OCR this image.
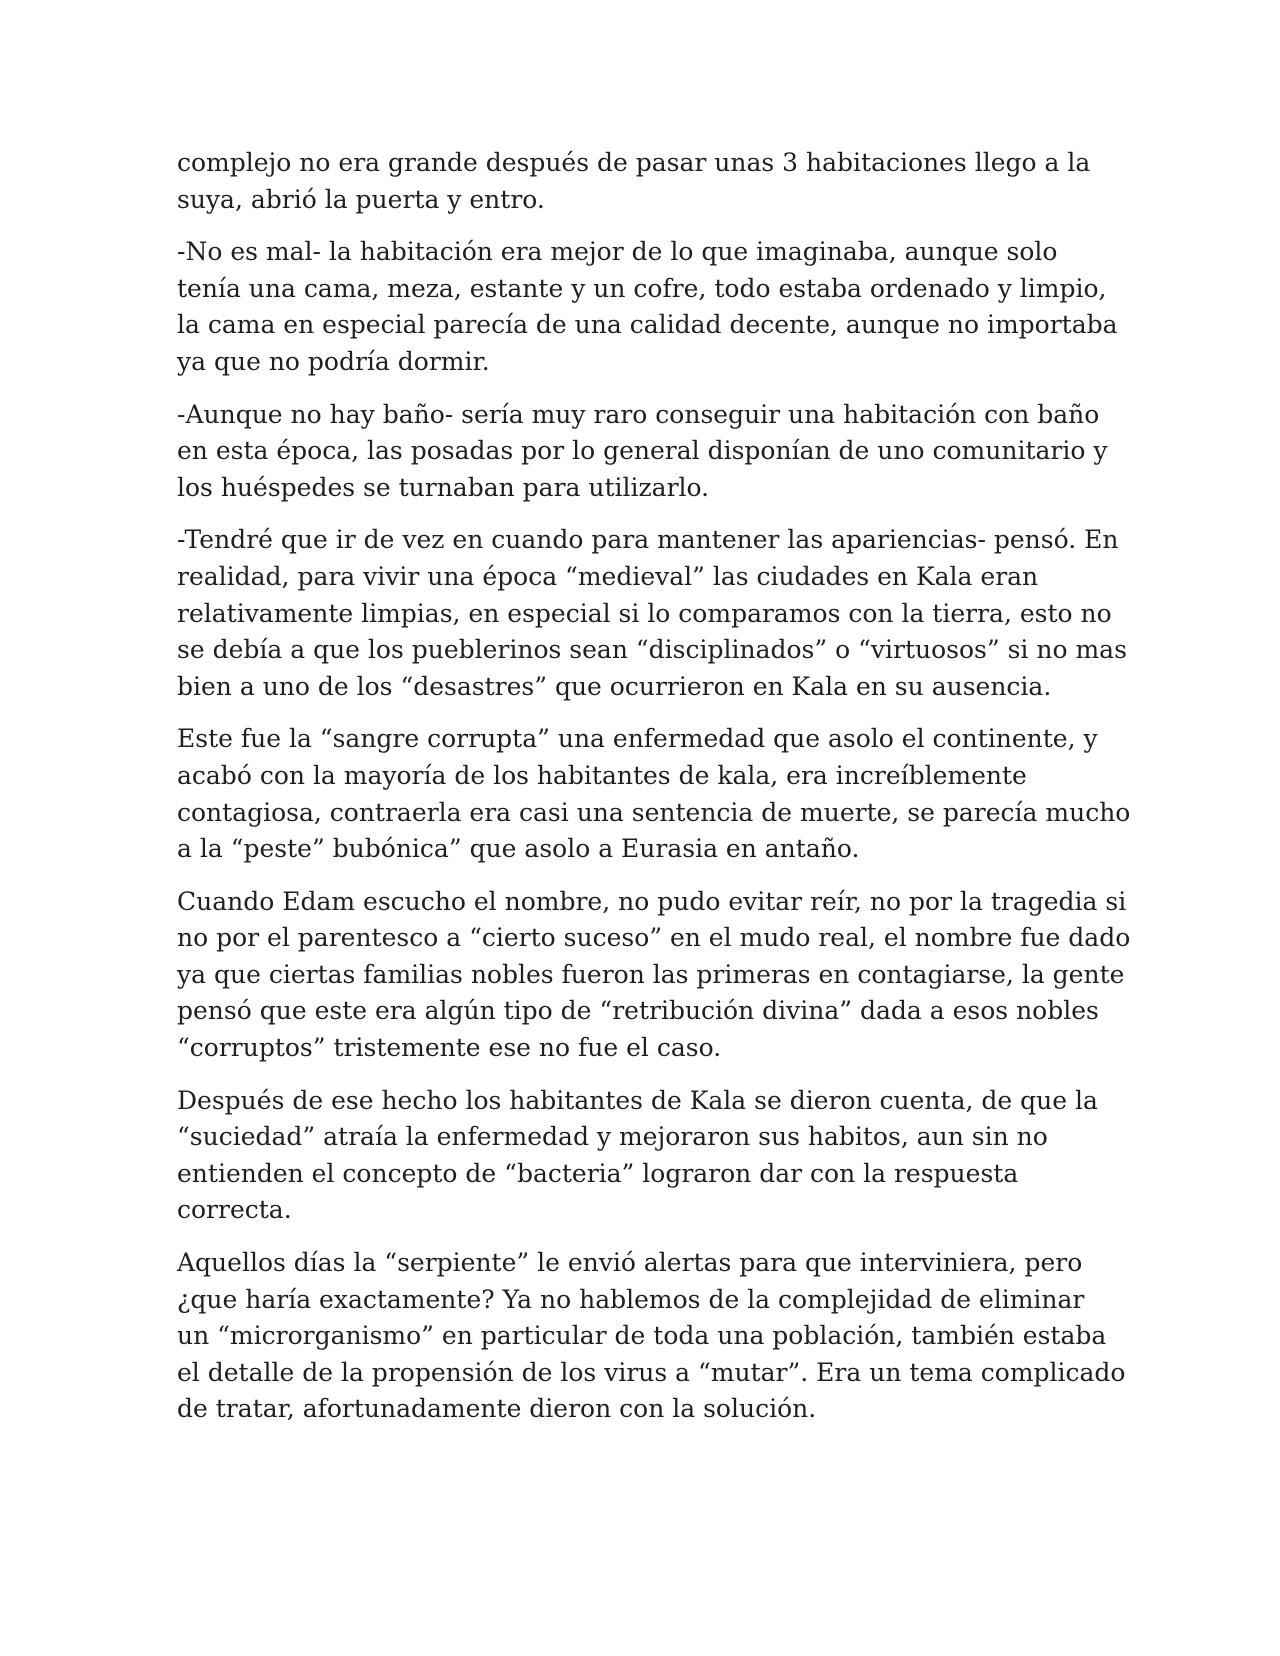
complejo no era grande después de pasar unas 3 habitaciones llego a la
suya, abrió la puerta y entro.

-No es mal- la habitación era mejor de lo que imaginaba, aunque solo
tenía una cama, meza, estante y un cofre, todo estaba ordenado y limpio,
la cama en especial parecía de una calidad decente, aunque no importaba
ya que no podría dormir.

-Aunque no hay baño- sería muy raro conseguir una habitación con baño
en esta época, las posadas por lo general disponían de uno comunitario y
los huéspedes se turnaban para utilizarlo.

-Tendré que ir de vez en cuando para mantener las apariencias- pensó. En
realidad, para vivir una época “medieval” las ciudades en Kala eran
relativamente limpias, en especial si lo comparamos con la tierra, esto no
se debía a que los pueblerinos sean “disciplinados” o “virtuosos” si no mas
bien a uno de los “desastres” que ocurrieron en Kala en su ausencia.

Este fue la “sangre corrupta” una enfermedad que asolo el continente, y
acabó con la mayoría de los habitantes de kala, era increíblemente
contagiosa, contraerla era casi una sentencia de muerte, se parecía mucho
a la “peste” bubónica” que asolo a Eurasia en antaño.

Cuando Edam escucho el nombre, no pudo evitar reír, no por la tragedia si
no por el parentesco a “cierto suceso” en el mudo real, el nombre fue dado
ya que ciertas familias nobles fueron las primeras en contagiarse, la gente
pensó que este era algún tipo de “retribución divina” dada a esos nobles
“corruptos” tristemente ese no fue el caso.

Después de ese hecho los habitantes de Kala se dieron cuenta, de que la
“suciedad” atraía la enfermedad y mejoraron sus habitos, aun sin no
entienden el concepto de “bacteria” lograron dar con la respuesta
correcta.

Aquellos días la “serpiente” le envió alertas para que interviniera, pero
¿que haría exactamente? Ya no hablemos de la complejidad de eliminar
un “microrganismo” en particular de toda una población, también estaba
el detalle de la propensión de los virus a “mutar”. Era un tema complicado
de tratar, afortunadamente dieron con la solución.
